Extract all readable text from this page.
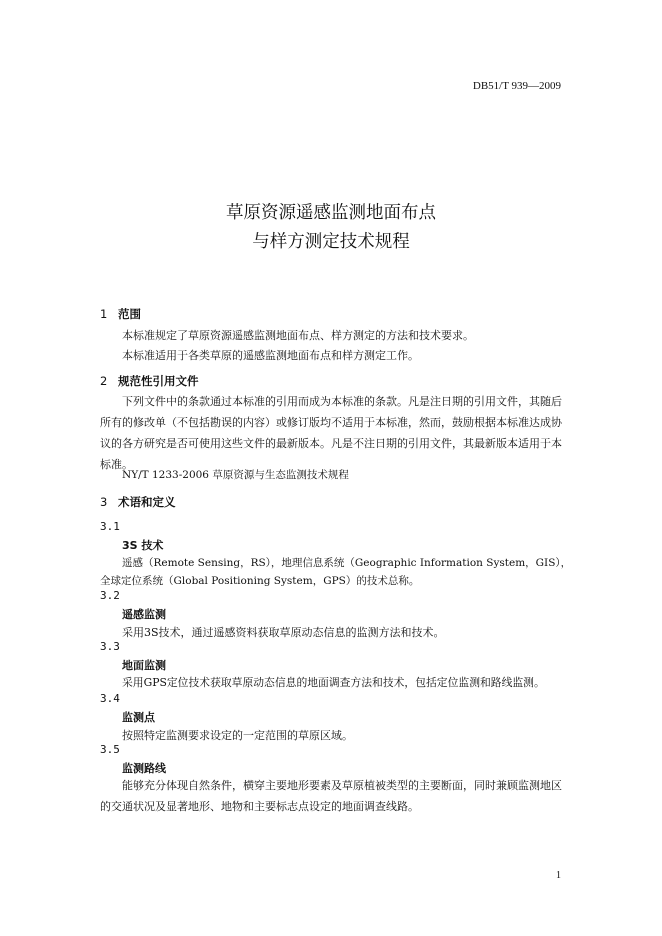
DB51/T 939—2009
草原资源遥感监测地面布点
与样方测定技术规程
1 范围
本标准规定了草原资源遥感监测地面布点、样方测定的方法和技术要求。
本标准适用于各类草原的遥感监测地面布点和样方测定工作。
2 规范性引用文件
下列文件中的条款通过本标准的引用而成为本标准的条款。凡是注日期的引用文件，其随后所有的修改单（不包括勘误的内容）或修订版均不适用于本标准，然而，鼓励根据本标准达成协议的各方研究是否可使用这些文件的最新版本。凡是不注日期的引用文件，其最新版本适用于本标准。
NY/T 1233-2006 草原资源与生态监测技术规程
3 术语和定义
3.1
3S 技术
遥感（Remote Sensing，RS），地理信息系统（Geographic Information System，GIS），
全球定位系统（Global Positioning System，GPS）的技术总称。
3.2
遥感监测
采用3S技术，通过遥感资料获取草原动态信息的监测方法和技术。
3.3
地面监测
采用GPS定位技术获取草原动态信息的地面调查方法和技术，包括定位监测和路线监测。
3.4
监测点
按照特定监测要求设定的一定范围的草原区域。
3.5
监测路线
能够充分体现自然条件，横穿主要地形要素及草原植被类型的主要断面，同时兼顾监测地区的交通状况及显著地形、地物和主要标志点设定的地面调查线路。
1
